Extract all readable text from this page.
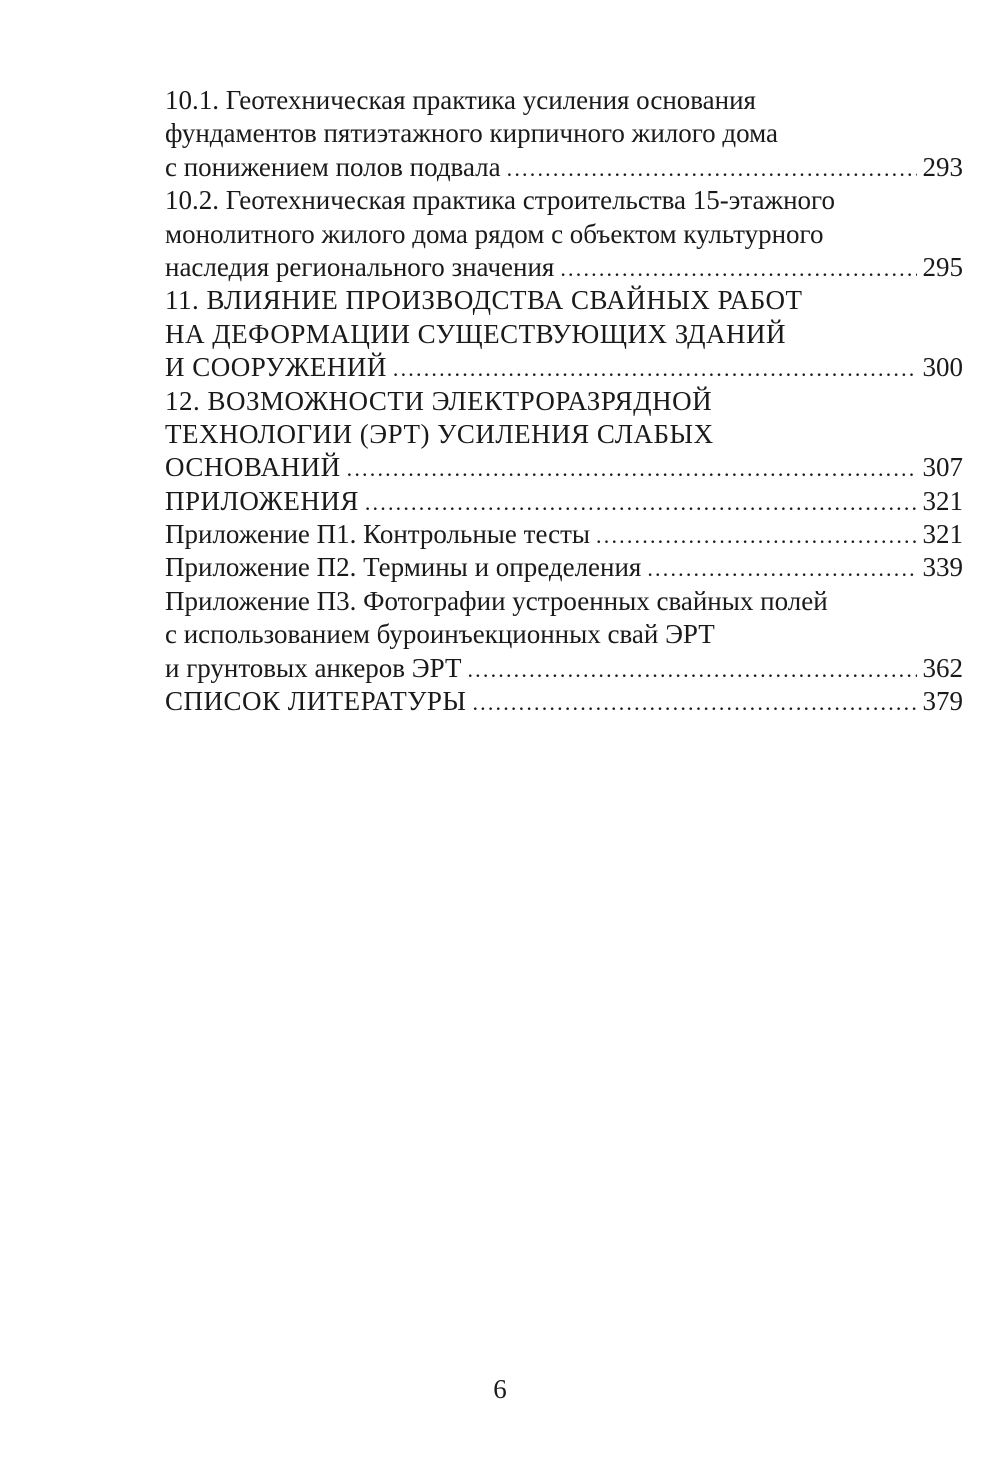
10.1. Геотехническая практика усиления основания
фундаментов пятиэтажного кирпичного жилого дома
с понижением полов подвала .....	293
10.2. Геотехническая практика строительства 15-этажного
монолитного жилого дома рядом с объектом культурного
наследия регионального значения .....	295
11. ВЛИЯНИЕ ПРОИЗВОДСТВА СВАЙНЫХ РАБОТ
НА ДЕФОРМАЦИИ СУЩЕСТВУЮЩИХ ЗДАНИЙ
И СООРУЖЕНИЙ .....	300
12. ВОЗМОЖНОСТИ ЭЛЕКТРОРАЗРЯДНОЙ
ТЕХНОЛОГИИ (ЭРТ) УСИЛЕНИЯ СЛАБЫХ
ОСНОВАНИЙ .....	307
ПРИЛОЖЕНИЯ .....	321
Приложение П1. Контрольные тесты .....	321
Приложение П2. Термины и определения .....	339
Приложение П3. Фотографии устроенных свайных полей
с использованием буроинъекционных свай ЭРТ
и грунтовых анкеров ЭРТ .....	362
СПИСОК ЛИТЕРАТУРЫ .....	379
6
